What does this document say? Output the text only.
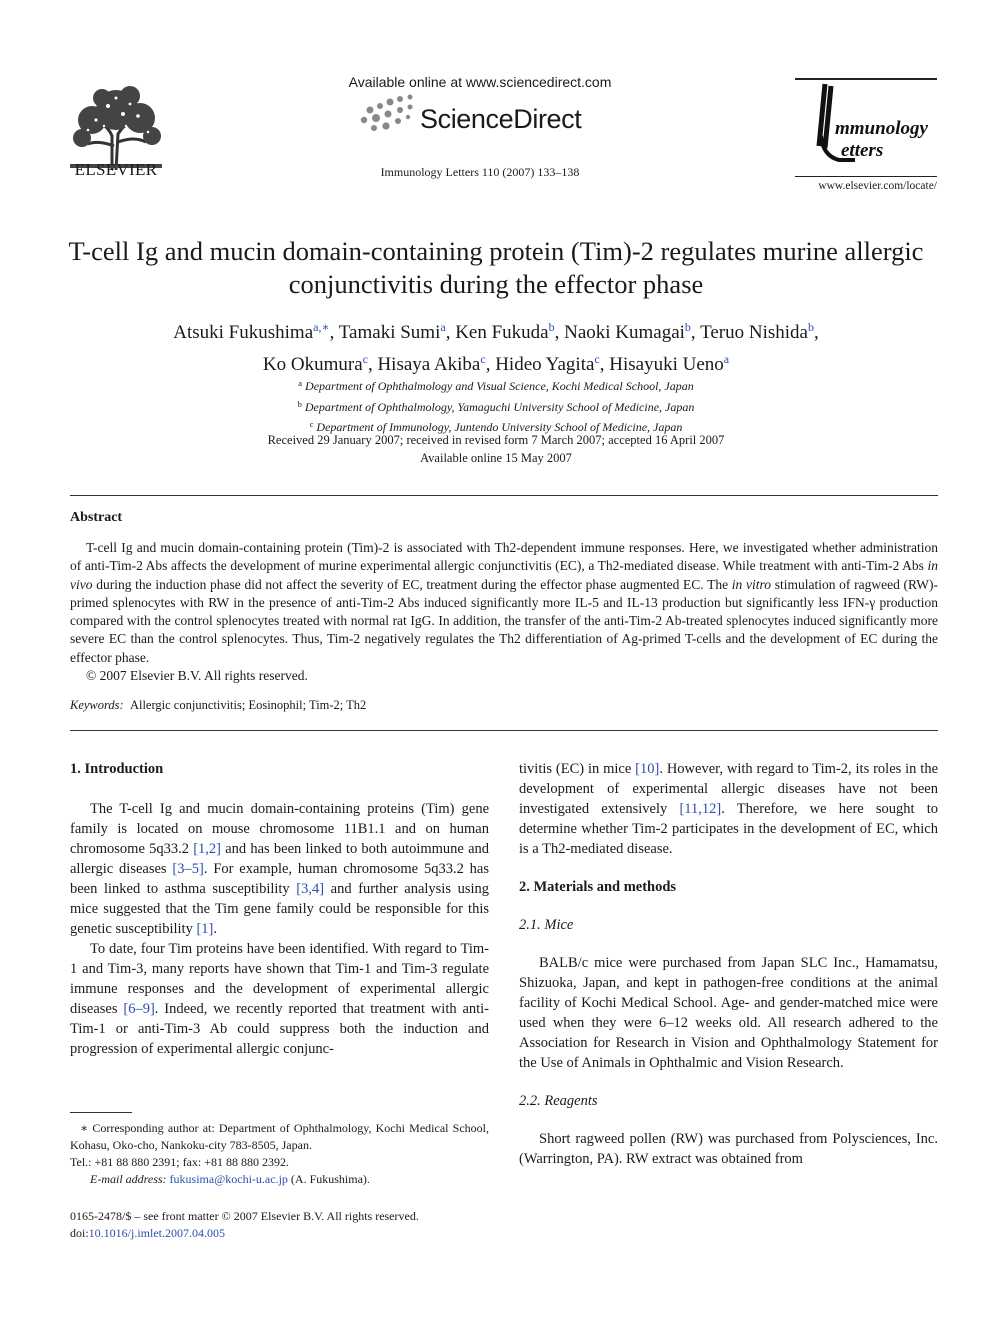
ELSEVIER
Available online at www.sciencedirect.com
ScienceDirect
Immunology Letters 110 (2007) 133–138
mmunology
etters
www.elsevier.com/locate/
T-cell Ig and mucin domain-containing protein (Tim)-2 regulates murine allergic conjunctivitis during the effector phase
Atsuki Fukushima$^{a,∗}$, Tamaki Sumi$^a$, Ken Fukuda$^b$, Naoki Kumagai$^b$, Teruo Nishida$^b$,
Ko Okumura$^c$, Hisaya Akiba$^c$, Hideo Yagita$^c$, Hisayuki Ueno$^a$
$^a$ Department of Ophthalmology and Visual Science, Kochi Medical School, Japan
$^b$ Department of Ophthalmology, Yamaguchi University School of Medicine, Japan
$^c$ Department of Immunology, Juntendo University School of Medicine, Japan
Received 29 January 2007; received in revised form 7 March 2007; accepted 16 April 2007
Available online 15 May 2007
Abstract

T-cell Ig and mucin domain-containing protein (Tim)-2 is associated with Th2-dependent immune responses. Here, we investigated whether administration of anti-Tim-2 Abs affects the development of murine experimental allergic conjunctivitis (EC), a Th2-mediated disease. While treatment with anti-Tim-2 Abs in vivo during the induction phase did not affect the severity of EC, treatment during the effector phase augmented EC. The in vitro stimulation of ragweed (RW)-primed splenocytes with RW in the presence of anti-Tim-2 Abs induced significantly more IL-5 and IL-13 production but significantly less IFN-γ production compared with the control splenocytes treated with normal rat IgG. In addition, the transfer of the anti-Tim-2 Ab-treated splenocytes induced significantly more severe EC than the control splenocytes. Thus, Tim-2 negatively regulates the Th2 differentiation of Ag-primed T-cells and the development of EC during the effector phase.

© 2007 Elsevier B.V. All rights reserved.

Keywords: Allergic conjunctivitis; Eosinophil; Tim-2; Th2
1. Introduction

The T-cell Ig and mucin domain-containing proteins (Tim) gene family is located on mouse chromosome 11B1.1 and on human chromosome 5q33.2 [1,2] and has been linked to both autoimmune and allergic diseases [3–5]. For example, human chromosome 5q33.2 has been linked to asthma susceptibility [3,4] and further analysis using mice suggested that the Tim gene family could be responsible for this genetic susceptibility [1].

To date, four Tim proteins have been identified. With regard to Tim-1 and Tim-3, many reports have shown that Tim-1 and Tim-3 regulate immune responses and the development of experimental allergic diseases [6–9]. Indeed, we recently reported that treatment with anti-Tim-1 or anti-Tim-3 Ab could suppress both the induction and progression of experimental allergic conjunc-

∗ Corresponding author at: Department of Ophthalmology, Kochi Medical School, Kohasu, Oko-cho, Nankoku-city 783-8505, Japan.

Tel.: +81 88 880 2391; fax: +81 88 880 2392.

E-mail address: fukusima@kochi-u.ac.jp (A. Fukushima).

0165-2478/$ – see front matter © 2007 Elsevier B.V. All rights reserved.
doi:10.1016/j.imlet.2007.04.005

tivitis (EC) in mice [10]. However, with regard to Tim-2, its roles in the development of experimental allergic diseases have not been investigated extensively [11,12]. Therefore, we here sought to determine whether Tim-2 participates in the development of EC, which is a Th2-mediated disease.

2. Materials and methods
2.1. Mice

BALB/c mice were purchased from Japan SLC Inc., Hamamatsu, Shizuoka, Japan, and kept in pathogen-free conditions at the animal facility of Kochi Medical School. Age- and gender-matched mice were used when they were 6–12 weeks old. All research adhered to the Association for Research in Vision and Ophthalmology Statement for the Use of Animals in Ophthalmic and Vision Research.

2.2. Reagents

Short ragweed pollen (RW) was purchased from Polysciences, Inc. (Warrington, PA). RW extract was obtained from
